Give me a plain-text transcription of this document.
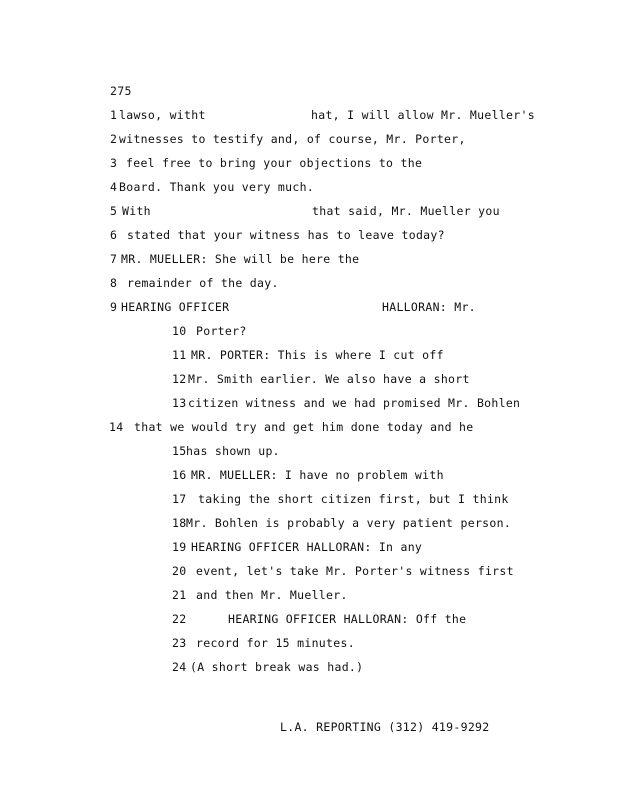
275

1

lawso, witht

	hat, I will allow Mr. Mueller's

2

witnesses to testify and, of course, Mr. Porter,

3

feel free to bring your objections to the

4

Board. Thank you very much.

5

With

	that said, Mr. Mueller you

6

stated that your witness has to leave today?

7

MR. MUELLER: She will be here the

8

remainder of the day.

9

HEARING OFFICER

	HALLORAN: Mr.

10

Porter?

11

MR. PORTER: This is where I cut off

12

Mr. Smith earlier. We also have a short

13

citizen witness and we had promised Mr. Bohlen

14

that we would try and get him done today and he

15

has shown up.

16

MR. MUELLER: I have no problem with

17

taking the short citizen first, but I think

18

Mr. Bohlen is probably a very patient person.

19

HEARING OFFICER HALLORAN: In any

20

event, let's take Mr. Porter's witness first

21

and then Mr. Mueller.

22

	HEARING OFFICER HALLORAN: Off the

23

record for 15 minutes.

24

(A short break was had.)

L.A. REPORTING (312) 419-9292
